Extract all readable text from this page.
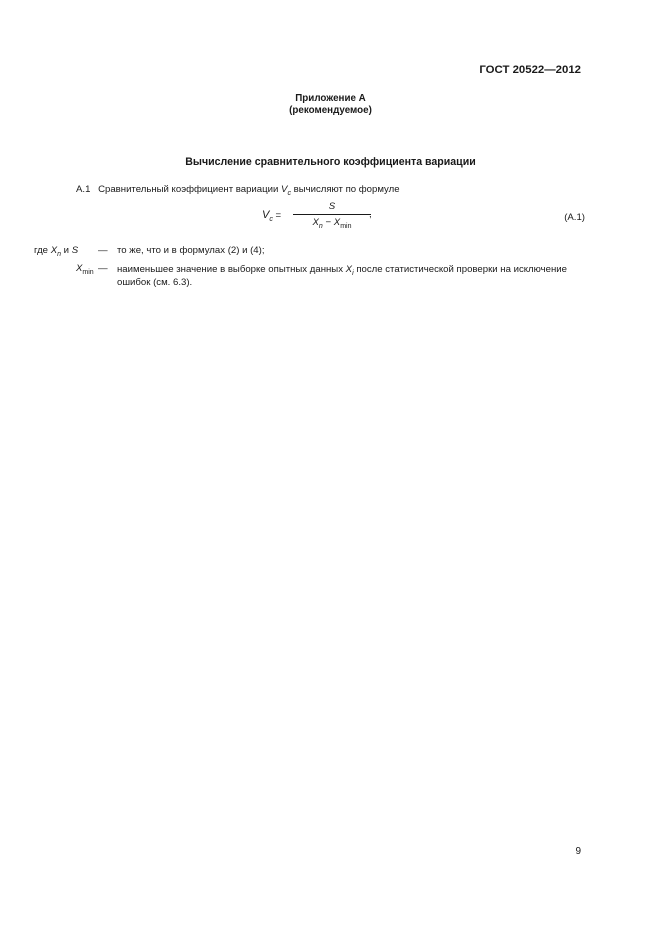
ГОСТ 20522—2012
Приложение А
(рекомендуемое)
Вычисление сравнительного коэффициента вариации
А.1 Сравнительный коэффициент вариации $V_c$ вычисляют по формуле
$V_c$ =
S
$X_n - X_{min}$
,	(А.1)
где $X_n$ и S — то же, что и в формулах (2) и (4);
$X_{min}$ — наименьшее значение в выборке опытных данных $X_i$ после статистической проверки на исключение ошибок (см. 6.3).
9
